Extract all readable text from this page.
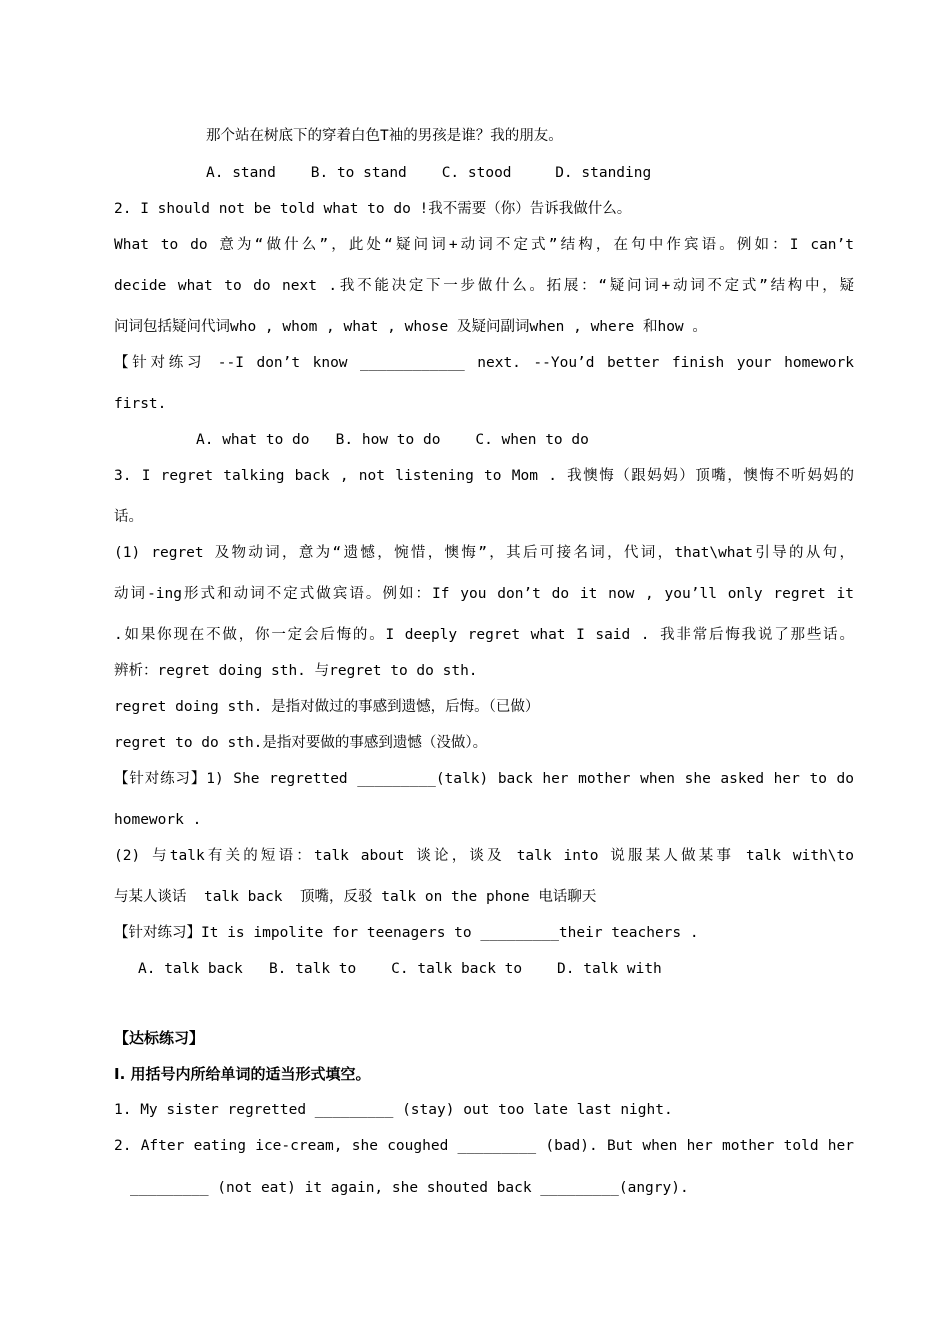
那个站在树底下的穿着白色T袖的男孩是谁？我的朋友。
A. stand    B. to stand    C. stood     D. standing
2. I should not be told what to do !我不需要（你）告诉我做什么。
What to do 意为“做什么”，此处“疑问词+动词不定式”结构，在句中作宾语。例如：I can’t
decide what to do next .我不能决定下一步做什么。拓展：“疑问词+动词不定式”结构中，疑
问词包括疑问代词who , whom , what , whose 及疑问副词when , where 和how 。
【针对练习 --I don’t know ____________ next. --You’d better finish your homework
first.
A. what to do   B. how to do    C. when to do
3. I regret talking back , not listening to Mom . 我懊悔（跟妈妈）顶嘴，懊悔不听妈妈的
话。
(1) regret 及物动词，意为“遗憾，惋惜，懊悔”，其后可接名词，代词，that\what引导的从句，
动词-ing形式和动词不定式做宾语。例如：If you don’t do it now , you’ll only regret it
.如果你现在不做，你一定会后悔的。I deeply regret what I said . 我非常后悔我说了那些话。
辨析：regret doing sth. 与regret to do sth.
regret doing sth. 是指对做过的事感到遗憾，后悔。（已做）
regret to do sth.是指对要做的事感到遗憾（没做）。
【针对练习】1) She regretted _________(talk) back her mother when she asked her to do
homework .
(2) 与talk有关的短语：talk about 谈论，谈及 talk into 说服某人做某事 talk with\to
与某人谈话  talk back  顶嘴，反驳 talk on the phone 电话聊天
【针对练习】It is impolite for teenagers to _________their teachers .
A. talk back   B. talk to    C. talk back to    D. talk with
【达标练习】
I. 用括号内所给单词的适当形式填空。
1. My sister regretted _________ (stay) out too late last night.
2. After eating ice-cream, she coughed _________ (bad). But when her mother told her
_________ (not eat) it again, she shouted back _________(angry).
